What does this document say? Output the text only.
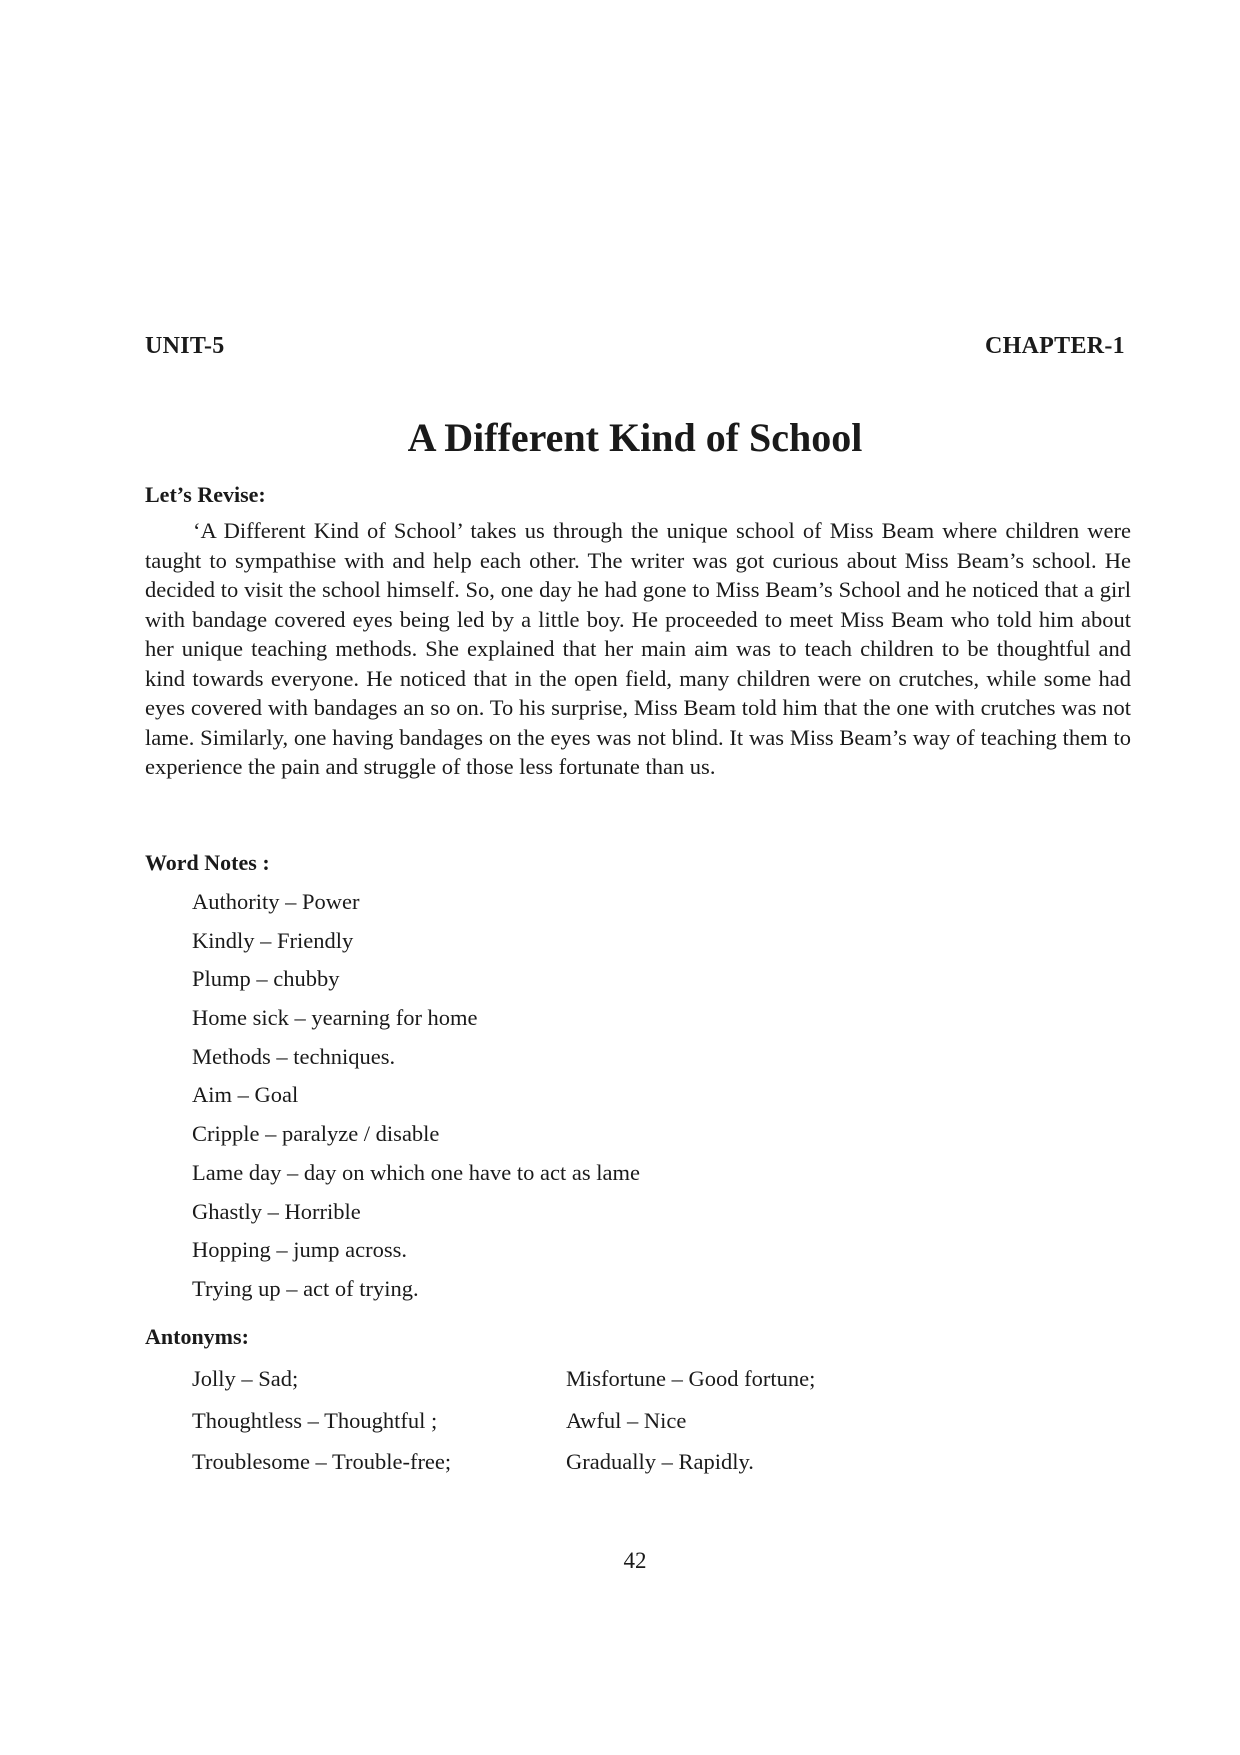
UNIT-5	CHAPTER-1
A Different Kind of School
Let’s Revise:

‘A Different Kind of School’ takes us through the unique school of Miss Beam where children were taught to sympathise with and help each other. The writer was got curious about Miss Beam’s school. He decided to visit the school himself. So, one day he had gone to Miss Beam’s School and he noticed that a girl with bandage covered eyes being led by a little boy. He proceeded to meet Miss Beam who told him about her unique teaching methods. She explained that her main aim was to teach children to be thoughtful and kind towards everyone. He noticed that in the open field, many children were on crutches, while some had eyes covered with bandages an so on. To his surprise, Miss Beam told him that the one with crutches was not lame. Similarly, one having bandages on the eyes was not blind. It was Miss Beam’s way of teaching them to experience the pain and struggle of those less fortunate than us.

Word Notes :
Authority – Power
Kindly – Friendly
Plump – chubby
Home sick – yearning for home
Methods – techniques.
Aim – Goal
Cripple – paralyze / disable
Lame day – day on which one have to act as lame
Ghastly – Horrible
Hopping – jump across.
Trying up – act of trying.
Antonyms:
Jolly – Sad;	Misfortune – Good fortune;
Thoughtless – Thoughtful ;	Awful – Nice
Troublesome – Trouble-free;	Gradually – Rapidly.
42
